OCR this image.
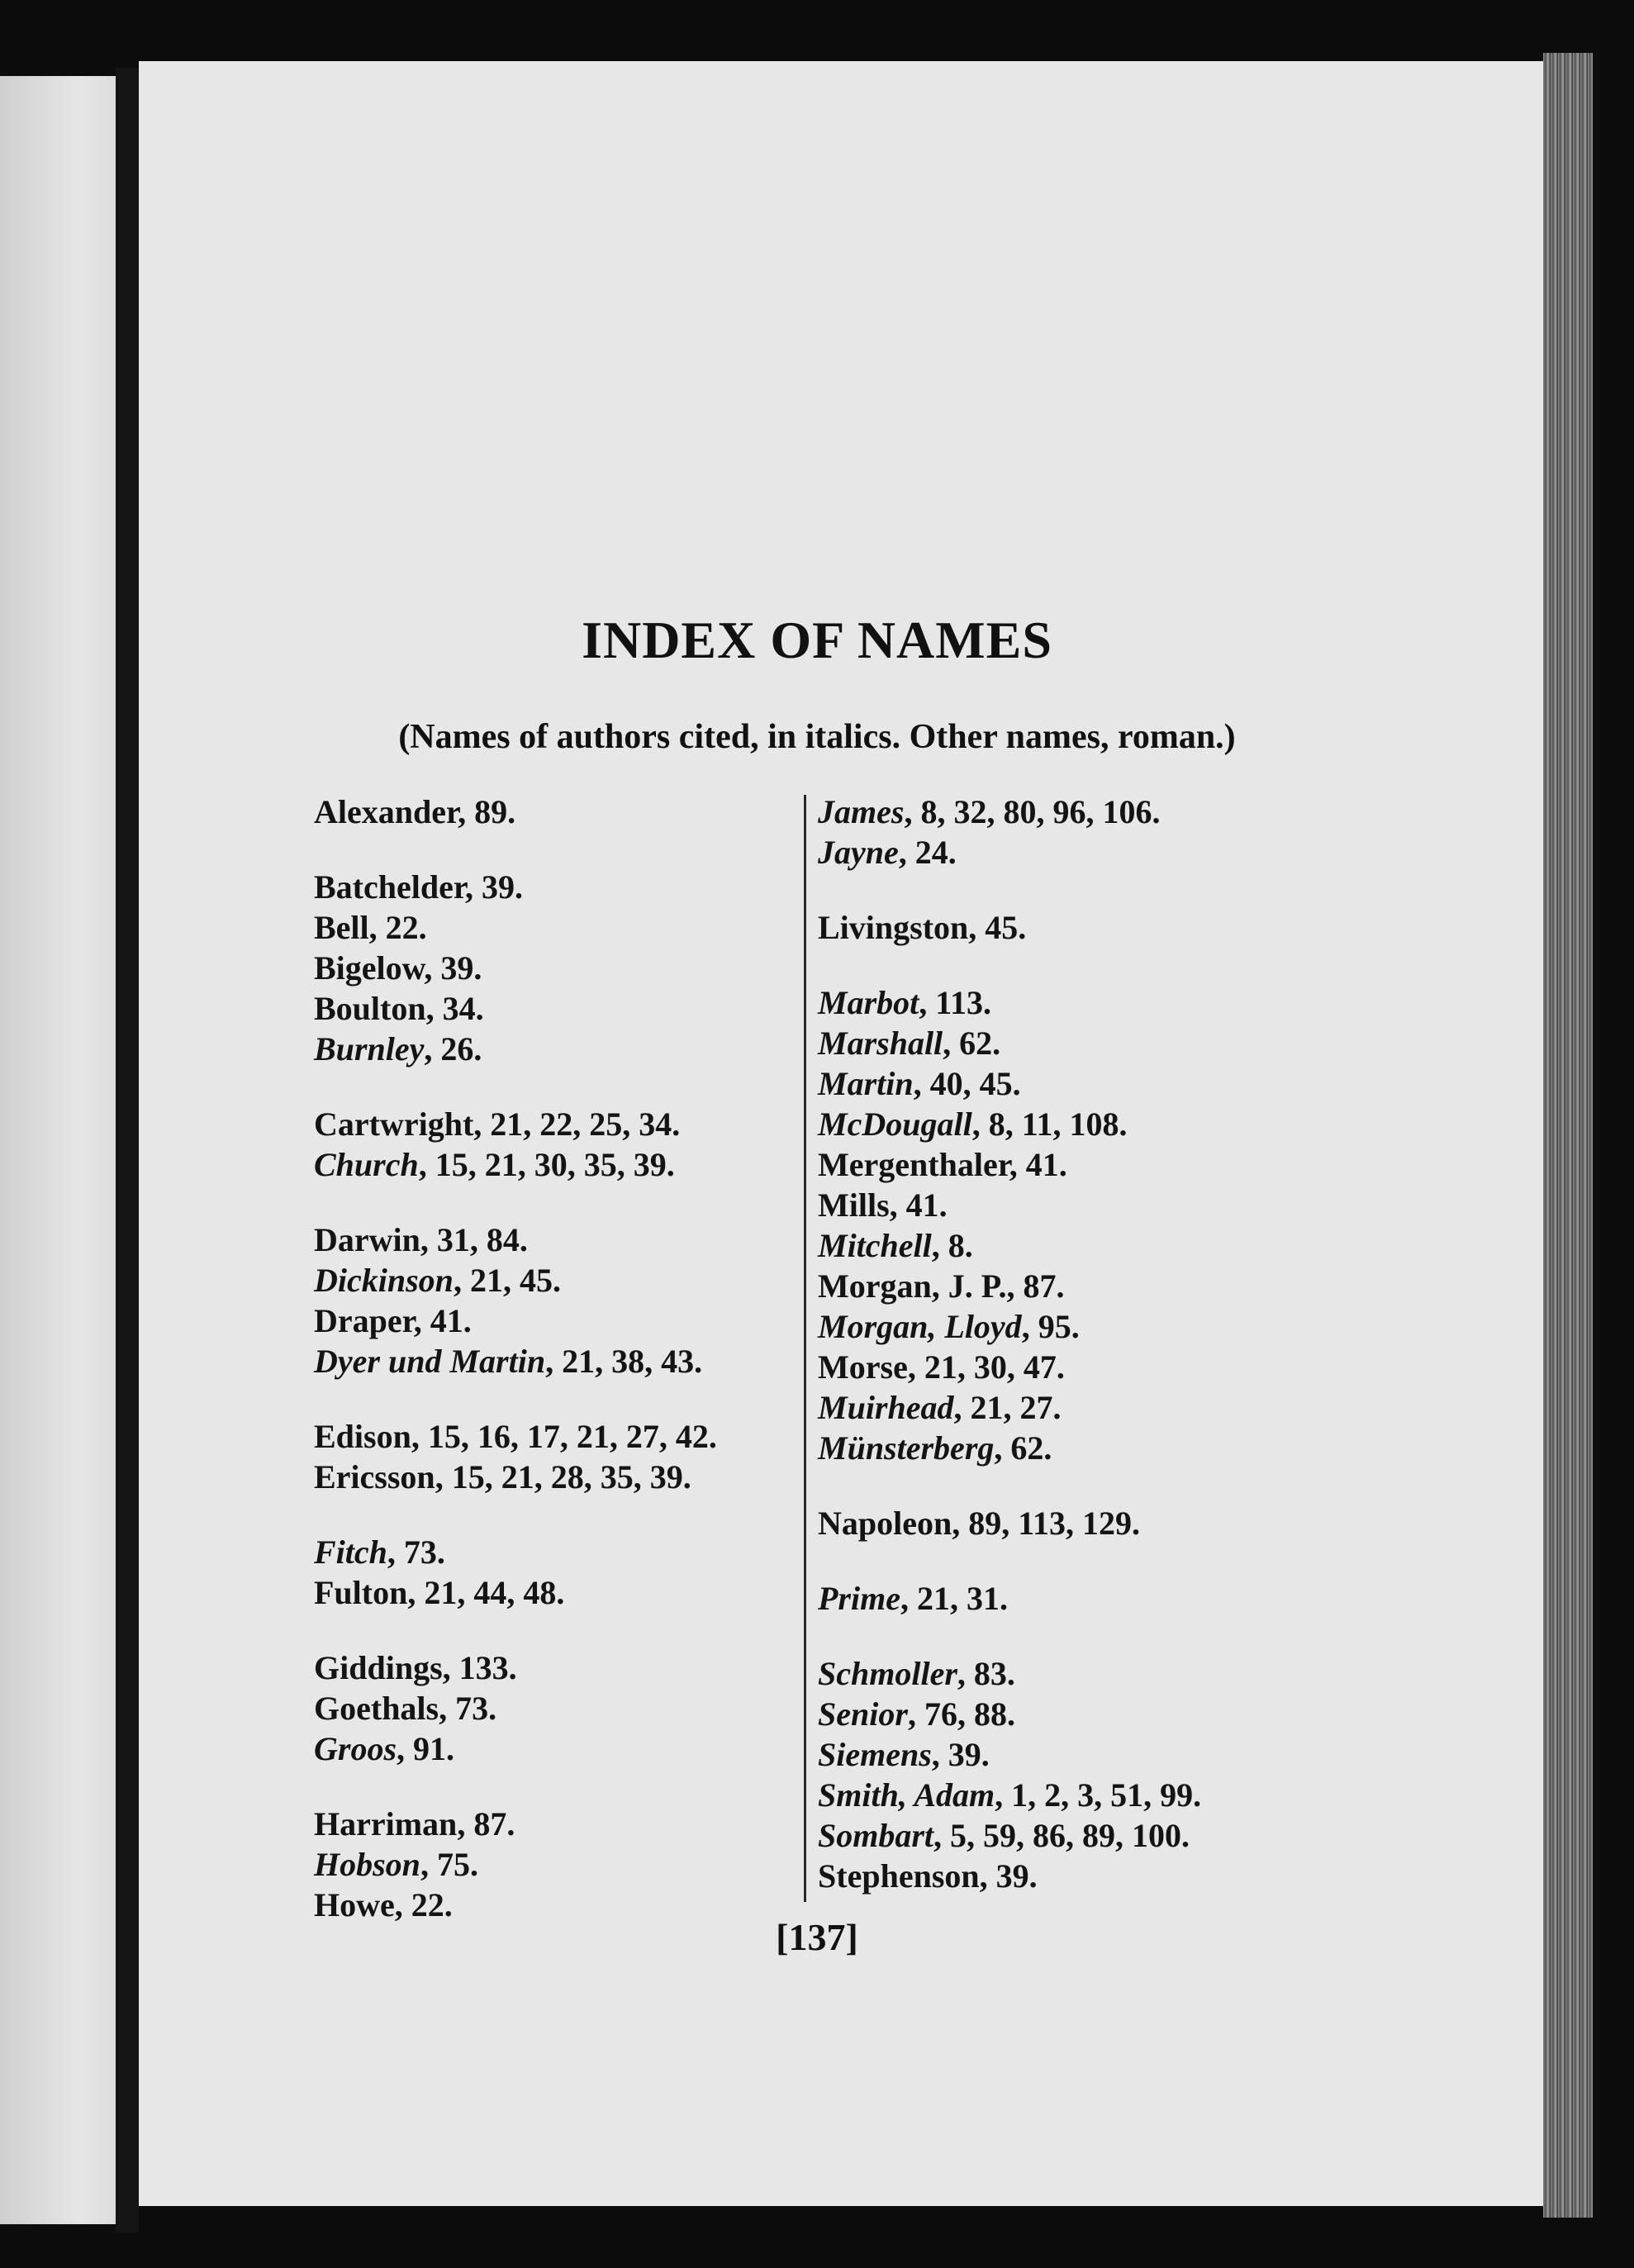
INDEX OF NAMES
(Names of authors cited, in italics. Other names, roman.)
Alexander, 89.
Batchelder, 39.
Bell, 22.
Bigelow, 39.
Boulton, 34.
Burnley, 26.
Cartwright, 21, 22, 25, 34.
Church, 15, 21, 30, 35, 39.
Darwin, 31, 84.
Dickinson, 21, 45.
Draper, 41.
Dyer und Martin, 21, 38, 43.
Edison, 15, 16, 17, 21, 27, 42.
Ericsson, 15, 21, 28, 35, 39.
Fitch, 73.
Fulton, 21, 44, 48.
Giddings, 133.
Goethals, 73.
Groos, 91.
Harriman, 87.
Hobson, 75.
Howe, 22.
James, 8, 32, 80, 96, 106.
Jayne, 24.
Livingston, 45.
Marbot, 113.
Marshall, 62.
Martin, 40, 45.
McDougall, 8, 11, 108.
Mergenthaler, 41.
Mills, 41.
Mitchell, 8.
Morgan, J. P., 87.
Morgan, Lloyd, 95.
Morse, 21, 30, 47.
Muirhead, 21, 27.
Münsterberg, 62.
Napoleon, 89, 113, 129.
Prime, 21, 31.
Schmoller, 83.
Senior, 76, 88.
Siemens, 39.
Smith, Adam, 1, 2, 3, 51, 99.
Sombart, 5, 59, 86, 89, 100.
Stephenson, 39.
[137]
